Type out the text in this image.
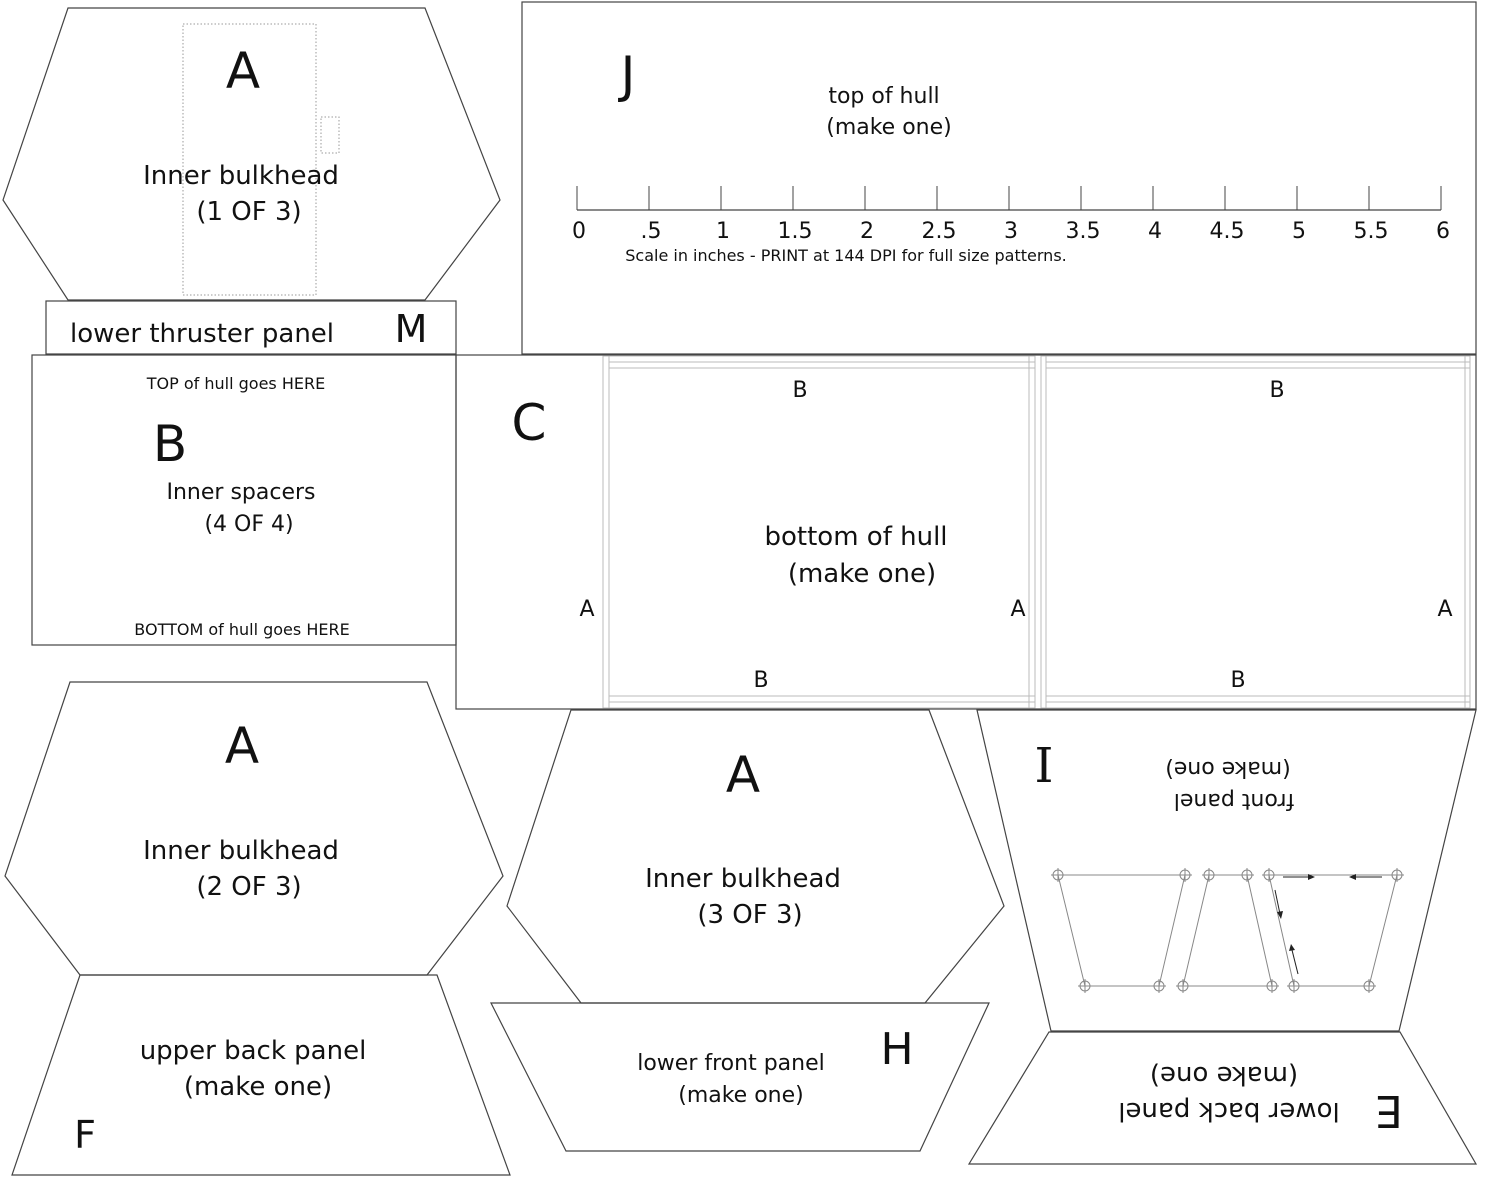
A
Inner bulkhead
(1 OF 3)
lower thruster panel M
J	top of hull
(make one)
0 .5 1 1.5 2 2.5 3 3.5 4 4.5 5 5.5 6
Scale in inches - PRINT at 144 DPI for full size patterns.
TOP of hull goes HERE
B
Inner spacers
(4 OF 4)
BOTTOM of hull goes HERE
C
bottom of hull
(make one)
B	B
B	B
A	A	A
A
Inner bulkhead
(2 OF 3)
upper back panel
(make one)
F
A
Inner bulkhead
(3 OF 3)
lower front panel
(make one)
H
I
front panel
(make one)
lower back panel
(make one)
E
